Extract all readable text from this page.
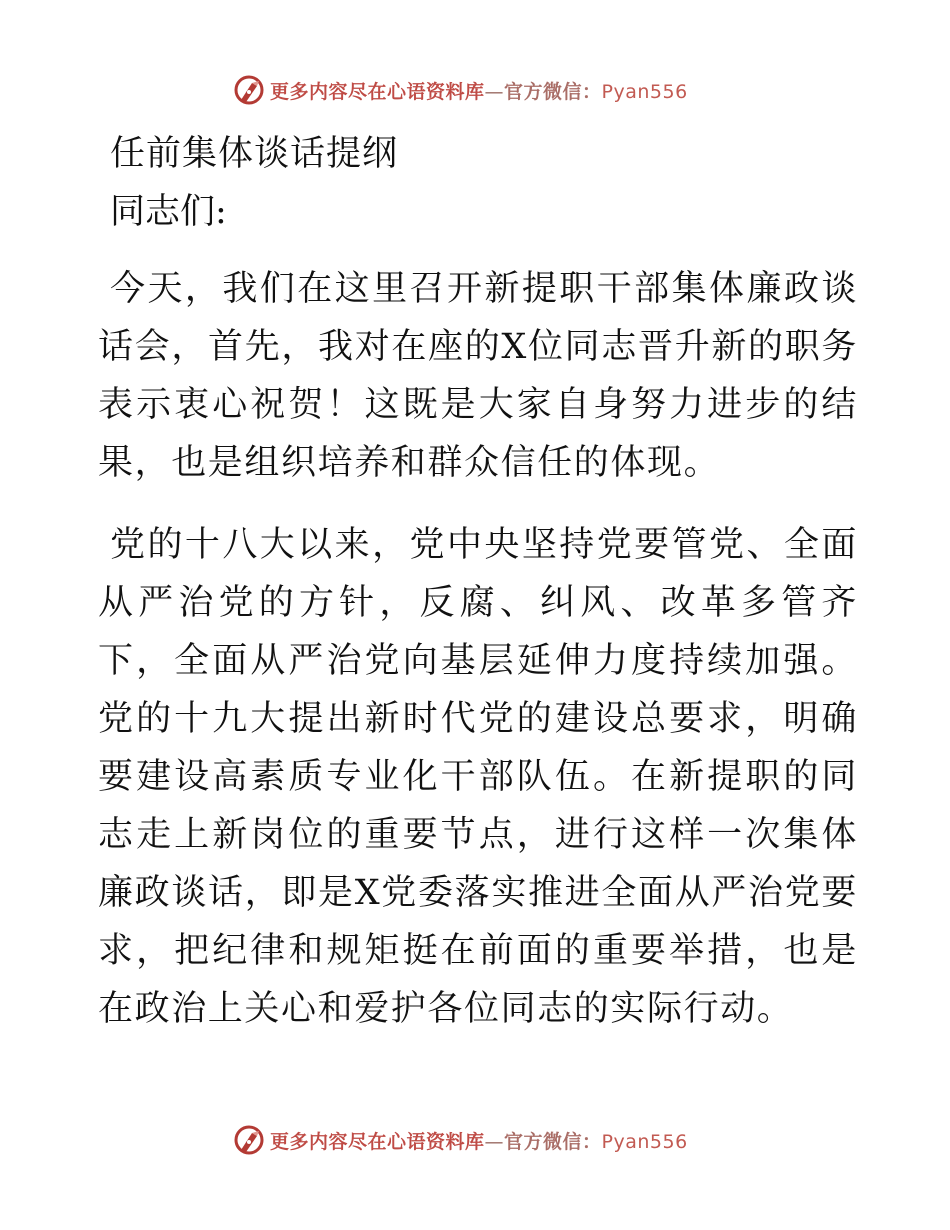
更多内容尽在心语资料库—官方微信：Pyan556
任前集体谈话提纲
同志们:

今天，我们在这里召开新提职干部集体廉政谈话会，首先，我对在座的X位同志晋升新的职务表示衷心祝贺！这既是大家自身努力进步的结果，也是组织培养和群众信任的体现。

党的十八大以来，党中央坚持党要管党、全面从严治党的方针，反腐、纠风、改革多管齐下，全面从严治党向基层延伸力度持续加强。党的十九大提出新时代党的建设总要求，明确要建设高素质专业化干部队伍。在新提职的同志走上新岗位的重要节点，进行这样一次集体廉政谈话，即是X党委落实推进全面从严治党要求，把纪律和规矩挺在前面的重要举措，也是在政治上关心和爱护各位同志的实际行动。

更多内容尽在心语资料库—官方微信：Pyan556
